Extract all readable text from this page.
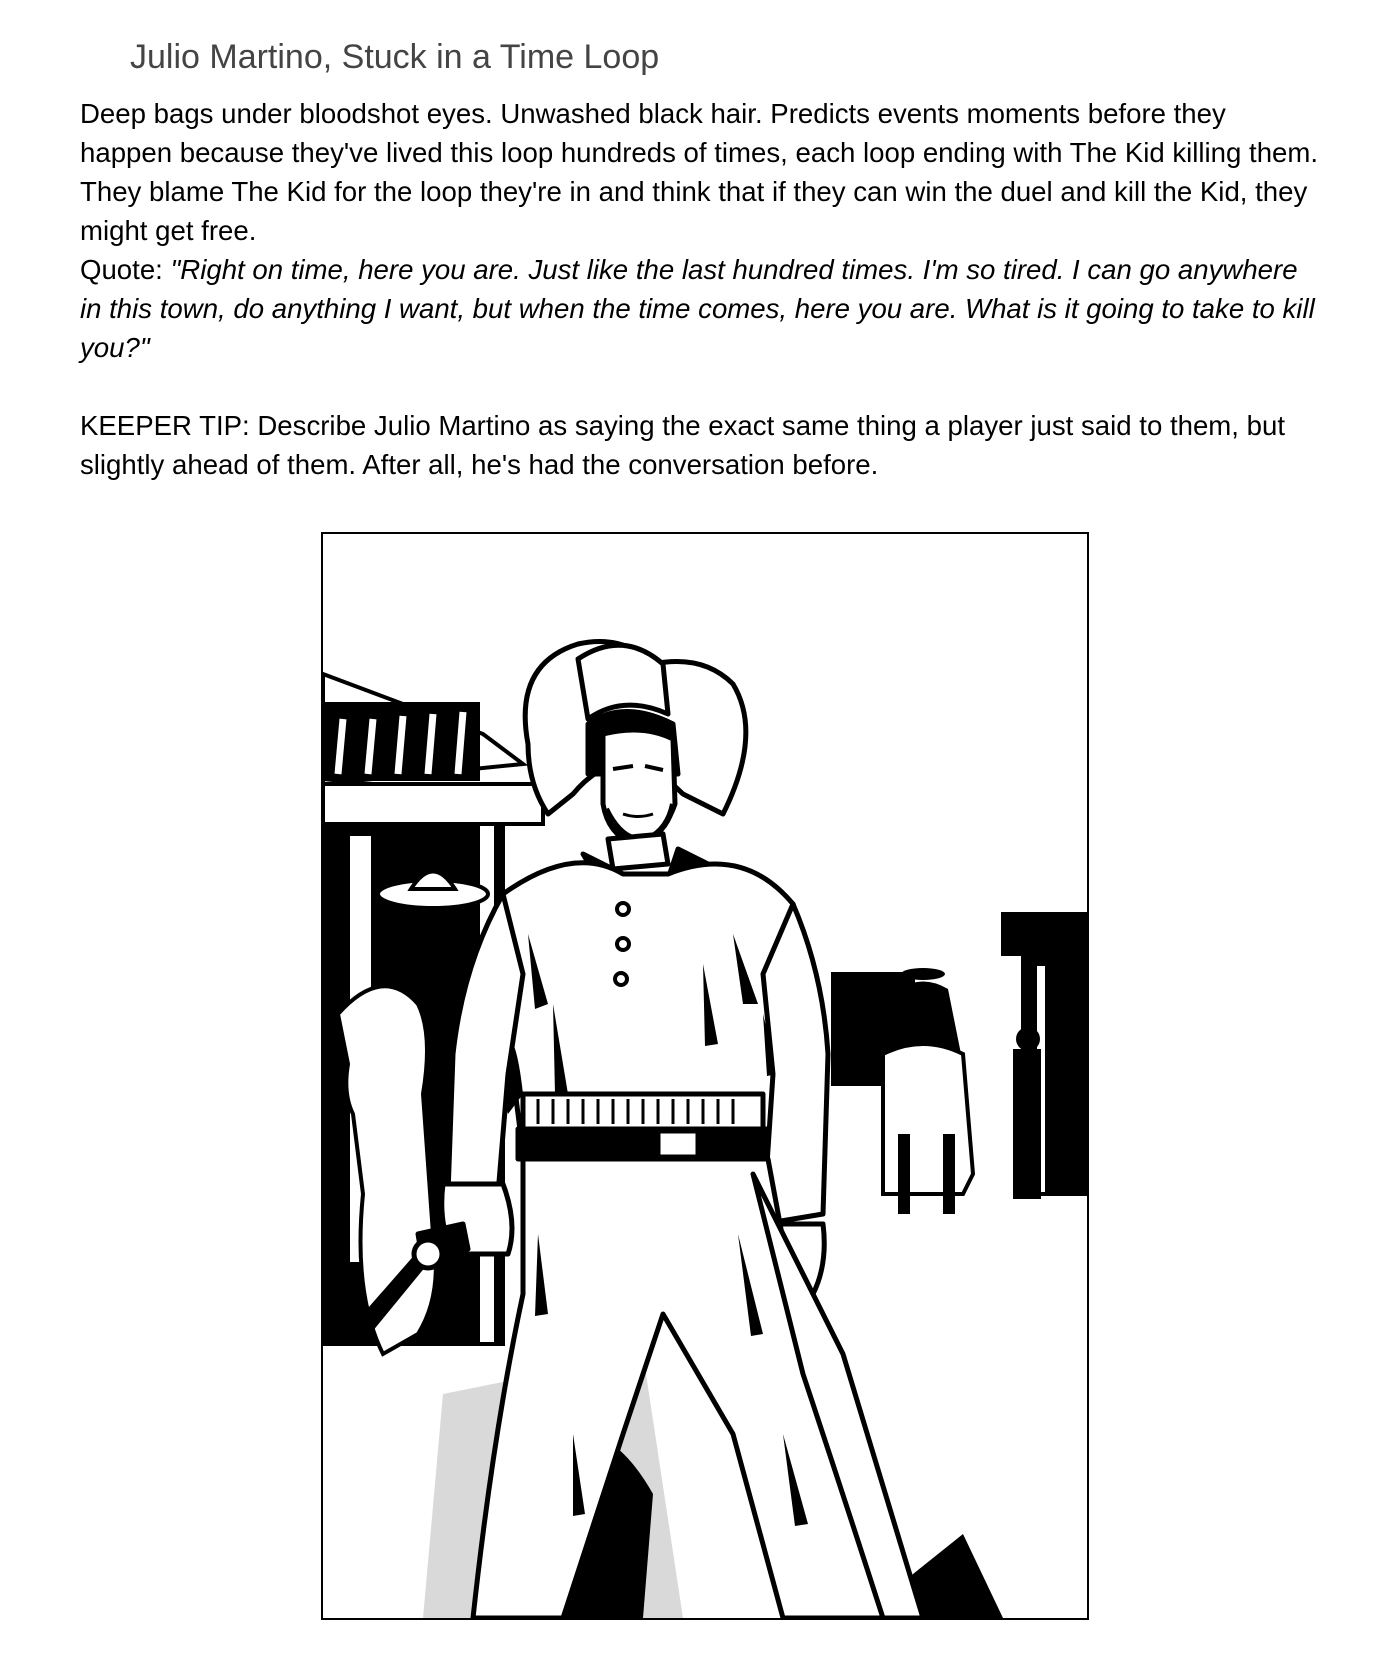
Julio Martino, Stuck in a Time Loop

Deep bags under bloodshot eyes. Unwashed black hair. Predicts events moments before they happen because they've lived this loop hundreds of times, each loop ending with The Kid killing them. They blame The Kid for the loop they're in and think that if they can win the duel and kill the Kid, they might get free.

Quote: "Right on time, here you are. Just like the last hundred times. I'm so tired. I can go anywhere in this town, do anything I want, but when the time comes, here you are. What is it going to take to kill you?"

KEEPER TIP: Describe Julio Martino as saying the exact same thing a player just said to them, but slightly ahead of them. After all, he's had the conversation before.
